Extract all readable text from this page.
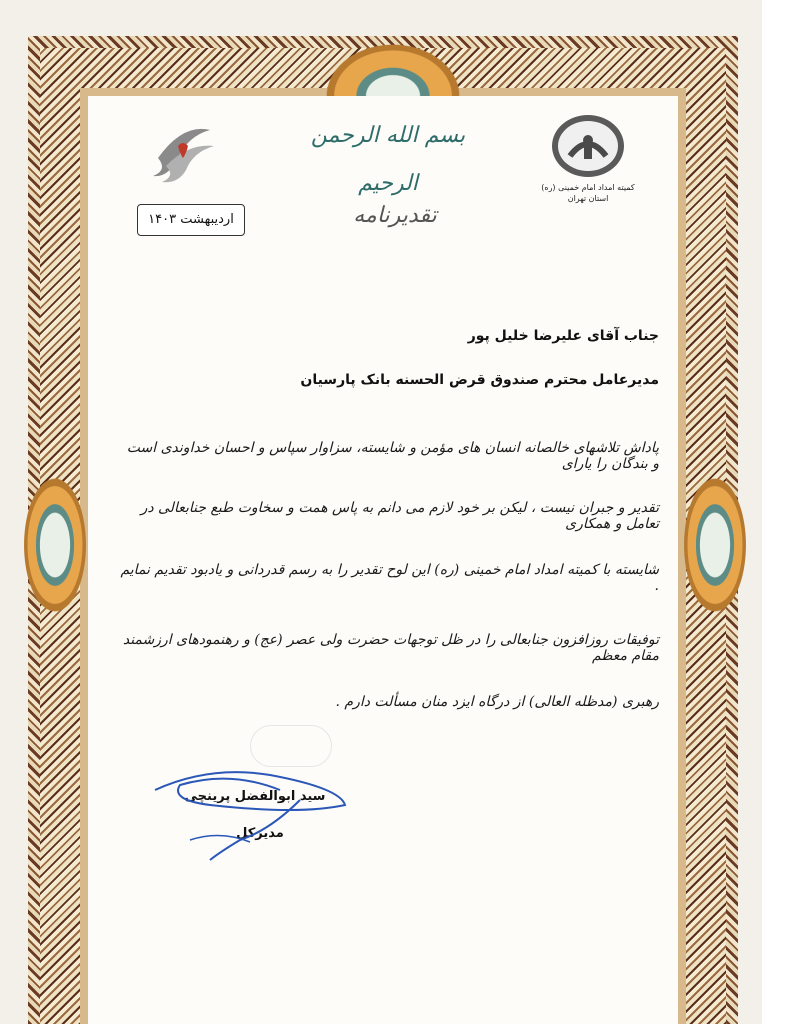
بسم الله الرحمن الرحیم	کمیته امداد امام خمینی (ره)
استان تهران
اردیبهشت ۱۴۰۳	تقدیرنامه
جناب آقای علیرضا خلیل پور
مدیرعامل محترم صندوق قرض الحسنه بانک پارسیان
پاداش تلاشهای خالصانه انسان های مؤمن و شایسته، سزاوار سپاس و احسان خداوندی است و بندگان را یارای
تقدیر و جبران نیست ، لیکن بر خود لازم می دانم به پاس همت و سخاوت طبع جنابعالی در تعامل و همکاری
شایسته با کمیته امداد امام خمینی (ره) این لوح تقدیر را به رسم قدردانی و یادبود تقدیم نمایم .
توفیقات روزافزون جنابعالی را در ظل توجهات حضرت ولی عصر (عج) و رهنمودهای ارزشمند مقام معظم
رهبری (مدظله العالی) از درگاه ایزد منان مسألت دارم .
سید ابوالفضل پرینچی
مدیرکل
